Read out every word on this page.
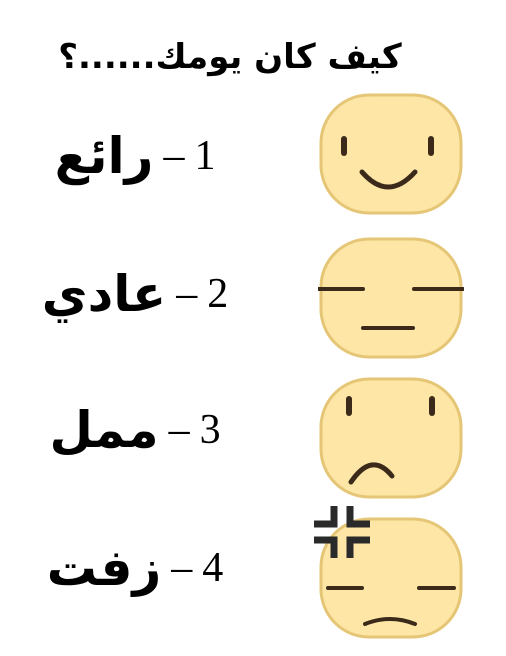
كيف كان يومك......؟
1
–
رائع
2
–
عادي
3
–
ممل
4
–
زفت
